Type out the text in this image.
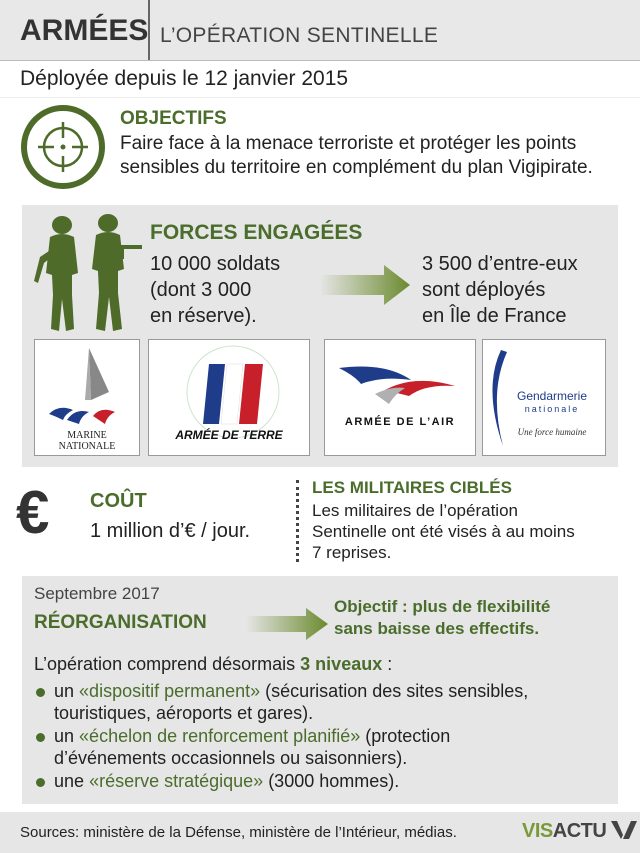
ARMÉES L’OPÉRATION SENTINELLE
Déployée depuis le 12 janvier 2015
OBJECTIFS
Faire face à la menace terroriste et protéger les points
sensibles du territoire en complément du plan Vigipirate.
FORCES ENGAGÉES
10 000 soldats
(dont 3 000
en réserve).
3 500 d’entre-eux
sont déployés
en Île de France
MARINE
NATIONALE
ARMÉE DE TERRE
ARMÉE DE L’AIR
Gendarmerie
nationale
Une force humaine
€ COÛT
1 million d’€ / jour.
LES MILITAIRES CIBLÉS
Les militaires de l’opération
Sentinelle ont été visés à au moins
7 reprises.
Septembre 2017
RÉORGANISATION
Objectif : plus de flexibilité
sans baisse des effectifs.
L’opération comprend désormais 3 niveaux :
un «dispositif permanent» (sécurisation des sites sensibles,
touristiques, aéroports et gares).
un «échelon de renforcement planifié» (protection
d’événements occasionnels ou saisonniers).
une «réserve stratégique» (3000 hommes).
Sources: ministère de la Défense, ministère de l’Intérieur, médias.	VISACTU
